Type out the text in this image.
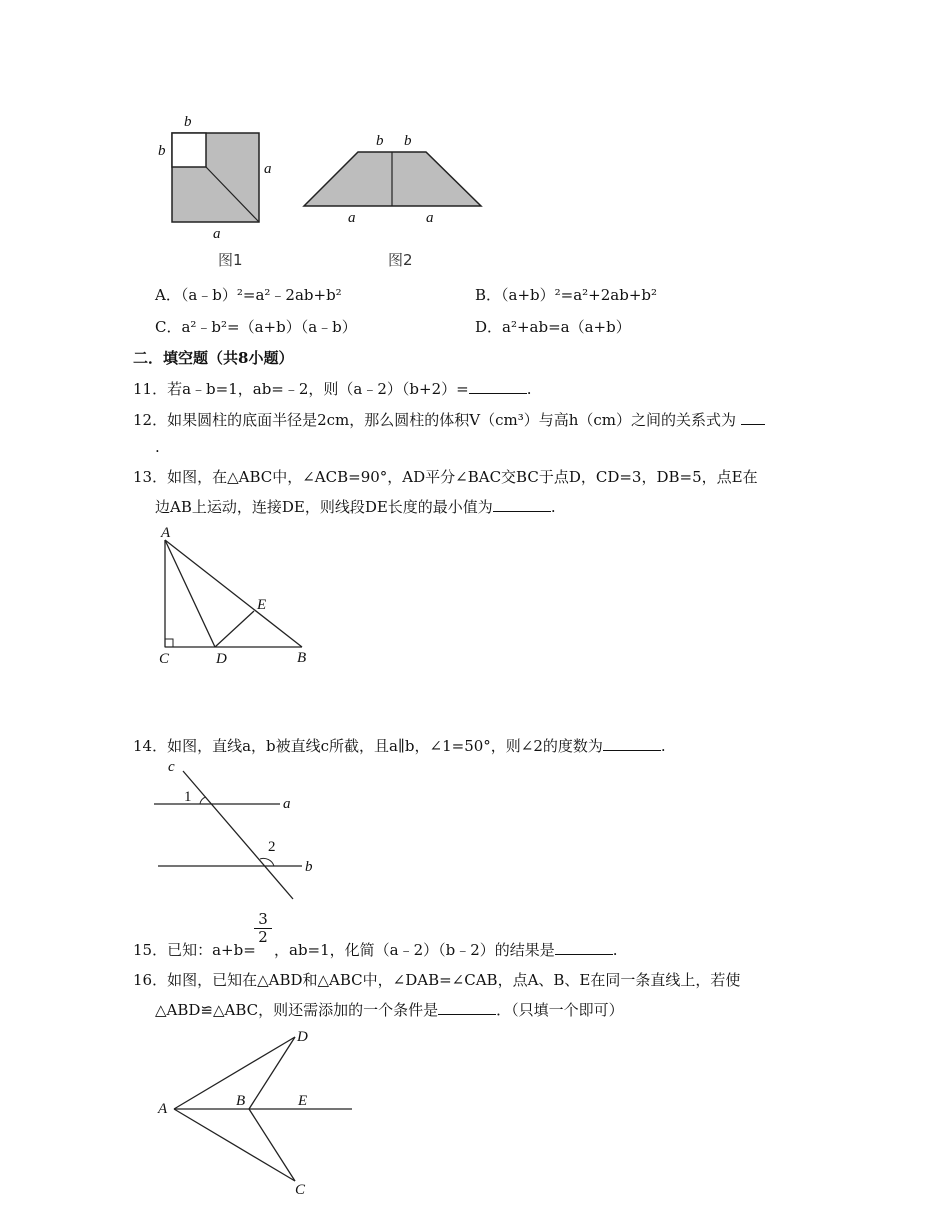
b
b
a
a
图1
b b
a	a
图2
A．（a﹣b）²=a²﹣2ab+b²	B．（a+b）²=a²+2ab+b²
C．a²﹣b²=（a+b）（a﹣b）	D．a²+ab=a（a+b）
二．填空题（共8小题）
11．若a﹣b=1，ab=﹣2，则（a﹣2）（b+2）=	.
12．如果圆柱的底面半径是2cm，那么圆柱的体积V（cm³）与高h（cm）之间的关系式为
.
13．如图，在△ABC中，∠ACB=90°，AD平分∠BAC交BC于点D，CD=3，DB=5，点E在
边AB上运动，连接DE，则线段DE长度的最小值为	.
A
C	D	B
E
14．如图，直线a，b被直线c所截，且a∥b，∠1=50°，则∠2的度数为	.
c
a
b
1
2
$\frac{3}{2}$
15．已知：a+b= ，ab=1，化简（a﹣2）（b﹣2）的结果是	.
16．如图，已知在△ABD和△ABC中，∠DAB=∠CAB，点A、B、E在同一条直线上，若使
△ABD≌△ABC，则还需添加的一个条件是	．（只填一个即可）
A	B	E
D
C
